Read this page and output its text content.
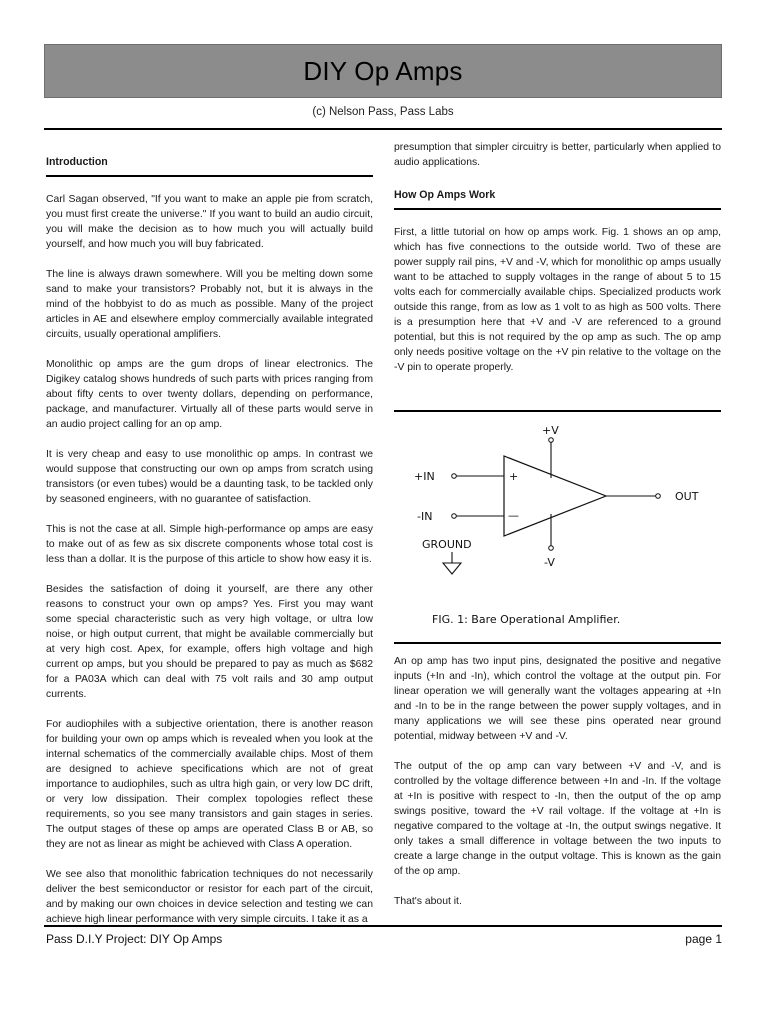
DIY Op Amps
(c) Nelson Pass, Pass Labs
Introduction

Carl Sagan observed, "If you want to make an apple pie from scratch, you must first create the universe." If you want to build an audio circuit, you will make the decision as to how much you will actually build yourself, and how much you will buy fabricated.

The line is always drawn somewhere. Will you be melting down some sand to make your transistors? Probably not, but it is always in the mind of the hobbyist to do as much as possible. Many of the project articles in AE and elsewhere employ commercially available integrated circuits, usually operational amplifiers.

Monolithic op amps are the gum drops of linear electronics. The Digikey catalog shows hundreds of such parts with prices ranging from about fifty cents to over twenty dollars, depending on performance, package, and manufacturer. Virtually all of these parts would serve in an audio project calling for an op amp.

It is very cheap and easy to use monolithic op amps. In contrast we would suppose that constructing our own op amps from scratch using transistors (or even tubes) would be a daunting task, to be tackled only by seasoned engineers, with no guarantee of satisfaction.

This is not the case at all. Simple high-performance op amps are easy to make out of as few as six discrete components whose total cost is less than a dollar. It is the purpose of this article to show how easy it is.

Besides the satisfaction of doing it yourself, are there any other reasons to construct your own op amps? Yes. First you may want some special characteristic such as very high voltage, or ultra low noise, or high output current, that might be available commercially but at very high cost. Apex, for example, offers high voltage and high current op amps, but you should be prepared to pay as much as $682 for a PA03A which can deal with 75 volt rails and 30 amp output currents.

For audiophiles with a subjective orientation, there is another reason for building your own op amps which is revealed when you look at the internal schematics of the commercially available chips. Most of them are designed to achieve specifications which are not of great importance to audiophiles, such as ultra high gain, or very low DC drift, or very low dissipation. Their complex topologies reflect these requirements, so you see many transistors and gain stages in series. The output stages of these op amps are operated Class B or AB, so they are not as linear as might be achieved with Class A operation.

We see also that monolithic fabrication techniques do not necessarily deliver the best semiconductor or resistor for each part of the circuit, and by making our own choices in device selection and testing we can achieve high linear performance with very simple circuits. I take it as a

presumption that simpler circuitry is better, particularly when applied to audio applications.

How Op Amps Work

First, a little tutorial on how op amps work. Fig. 1 shows an op amp, which has five connections to the outside world. Two of these are power supply rail pins, +V and -V, which for monolithic op amps usually want to be attached to supply voltages in the range of about 5 to 15 volts each for commercially available chips. Specialized products work outside this range, from as low as 1 volt to as high as 500 volts. There is a presumption here that +V and -V are referenced to a ground potential, but this is not required by the op amp as such. The op amp only needs positive voltage on the +V pin relative to the voltage on the -V pin to operate properly.

+V
-V
+IN	+
-IN	—
OUT
GROUND
FIG. 1: Bare Operational Amplifier.

An op amp has two input pins, designated the positive and negative inputs (+In and -In), which control the voltage at the output pin. For linear operation we will generally want the voltages appearing at +In and -In to be in the range between the power supply voltages, and in many applications we will see these pins operated near ground potential, midway between +V and -V.

The output of the op amp can vary between +V and -V, and is controlled by the voltage difference between +In and -In. If the voltage at +In is positive with respect to -In, then the output of the op amp swings positive, toward the +V rail voltage. If the voltage at +In is negative compared to the voltage at -In, the output swings negative. It only takes a small difference in voltage between the two inputs to create a large change in the output voltage. This is known as the gain of the op amp.

That's about it.

Pass D.I.Y Project: DIY Op Amps	page 1
